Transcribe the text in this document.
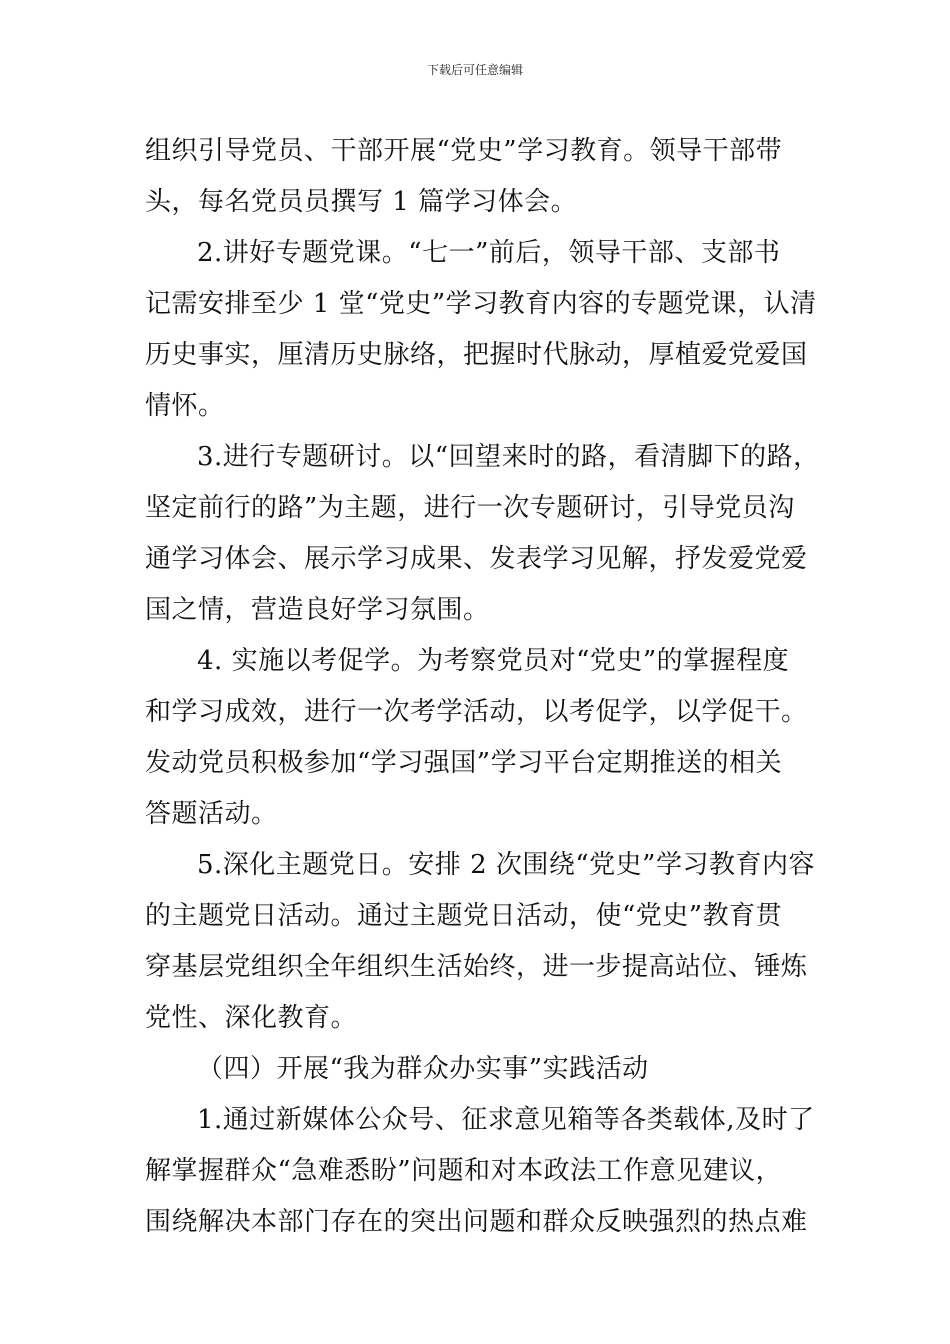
下载后可任意编辑
组织引导党员、干部开展“党史”学习教育。领导干部带
头，每名党员员撰写 1 篇学习体会。
2.讲好专题党课。“七一”前后，领导干部、支部书
记需安排至少 1 堂“党史”学习教育内容的专题党课，认清
历史事实，厘清历史脉络，把握时代脉动，厚植爱党爱国
情怀。
3.进行专题研讨。以“回望来时的路，看清脚下的路，
坚定前行的路”为主题，进行一次专题研讨，引导党员沟
通学习体会、展示学习成果、发表学习见解，抒发爱党爱
国之情，营造良好学习氛围。
4. 实施以考促学。为考察党员对“党史”的掌握程度
和学习成效，进行一次考学活动，以考促学，以学促干。
发动党员积极参加“学习强国”学习平台定期推送的相关
答题活动。
5.深化主题党日。安排 2 次围绕“党史”学习教育内容
的主题党日活动。通过主题党日活动，使“党史”教育贯
穿基层党组织全年组织生活始终，进一步提高站位、锤炼
党性、深化教育。
（四）开展“我为群众办实事”实践活动
1.通过新媒体公众号、征求意见箱等各类载体,及时了
解掌握群众“急难悉盼”问题和对本政法工作意见建议，
围绕解决本部门存在的突出问题和群众反映强烈的热点难
